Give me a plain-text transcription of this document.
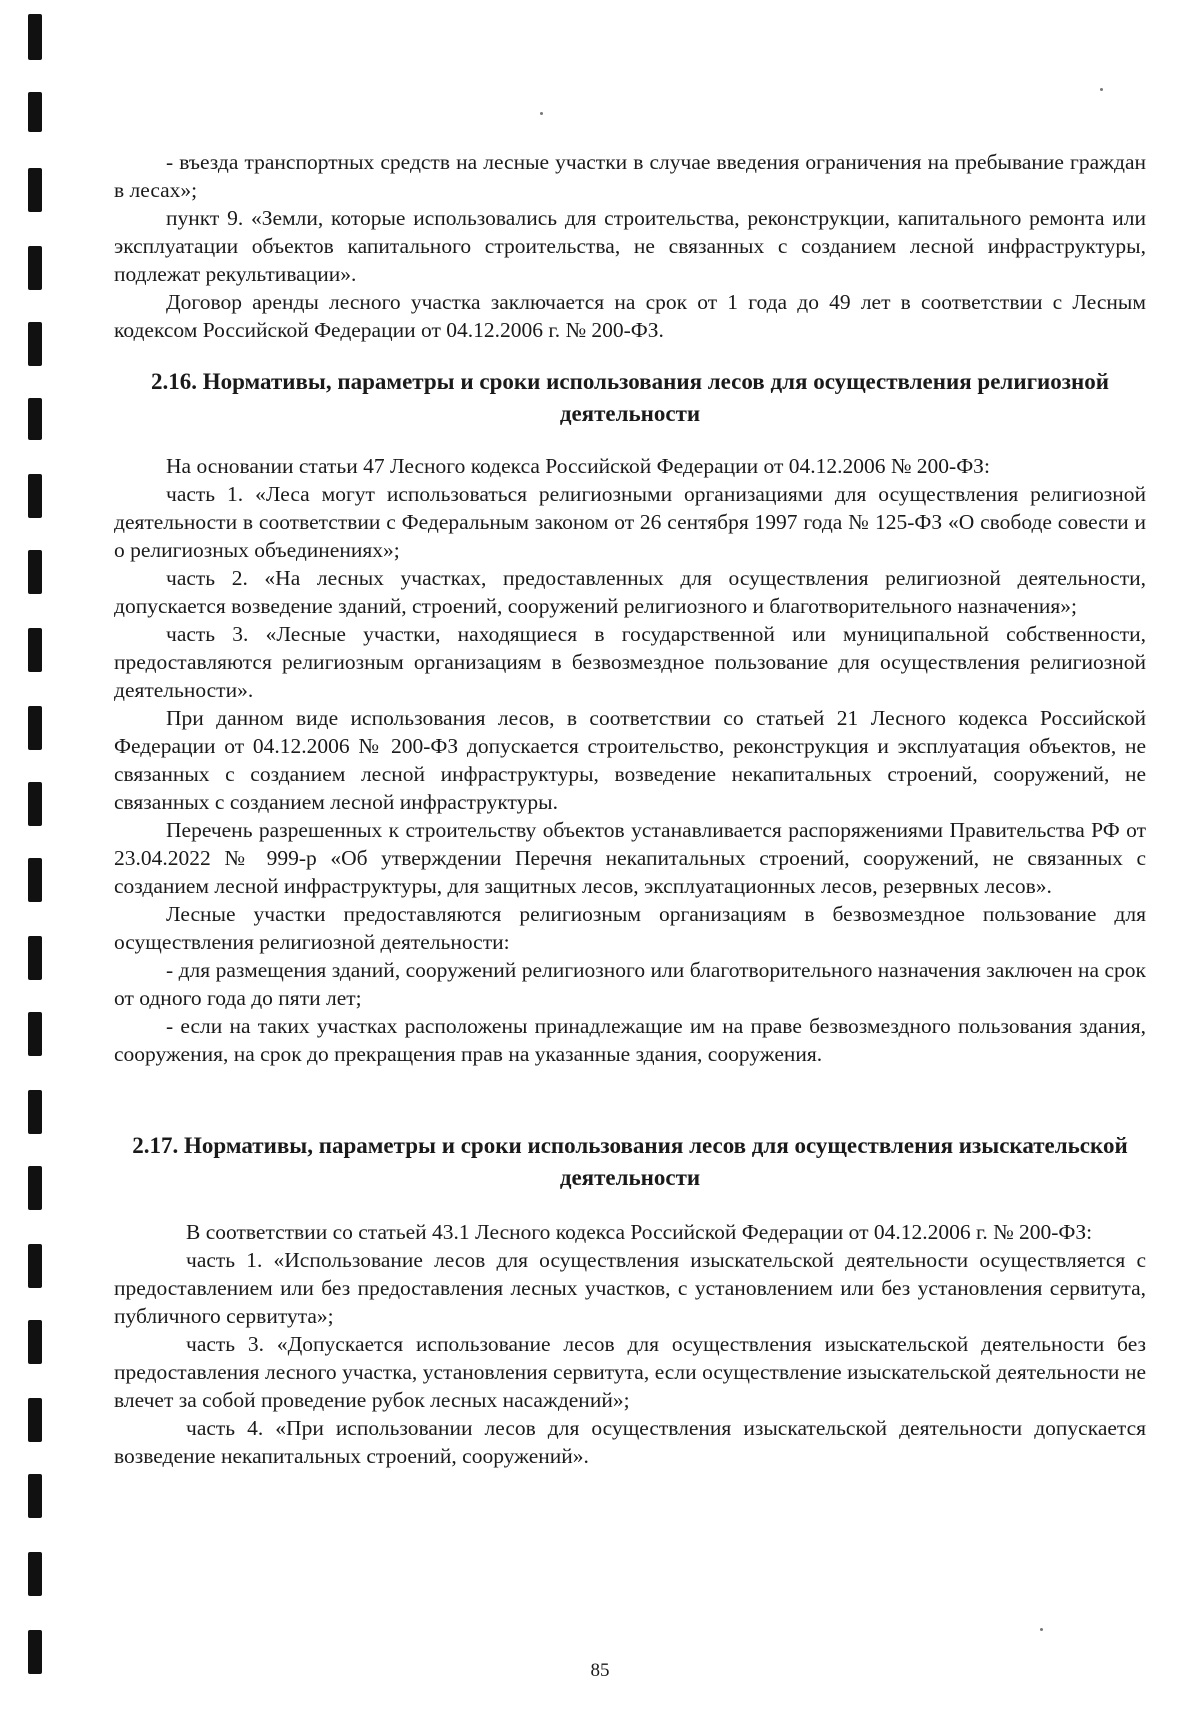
- въезда транспортных средств на лесные участки в случае введения ограничения на пребывание граждан в лесах»;

пункт 9. «Земли, которые использовались для строительства, реконструкции, капитального ремонта или эксплуатации объектов капитального строительства, не связанных с созданием лесной инфраструктуры, подлежат рекультивации».

Договор аренды лесного участка заключается на срок от 1 года до 49 лет в соответствии с Лесным кодексом Российской Федерации от 04.12.2006 г. № 200-ФЗ.

2.16. Нормативы, параметры и сроки использования лесов для осуществления религиозной деятельности

На основании статьи 47 Лесного кодекса Российской Федерации от 04.12.2006 № 200-ФЗ:

часть 1. «Леса могут использоваться религиозными организациями для осуществления религиозной деятельности в соответствии с Федеральным законом от 26 сентября 1997 года № 125-ФЗ «О свободе совести и о религиозных объединениях»;

часть 2. «На лесных участках, предоставленных для осуществления религиозной деятельности, допускается возведение зданий, строений, сооружений религиозного и благотворительного назначения»;

часть 3. «Лесные участки, находящиеся в государственной или муниципальной собственности, предоставляются религиозным организациям в безвозмездное пользование для осуществления религиозной деятельности».

При данном виде использования лесов, в соответствии со статьей 21 Лесного кодекса Российской Федерации от 04.12.2006 № 200-ФЗ допускается строительство, реконструкция и эксплуатация объектов, не связанных с созданием лесной инфраструктуры, возведение некапитальных строений, сооружений, не связанных с созданием лесной инфраструктуры.

Перечень разрешенных к строительству объектов устанавливается распоряжениями Правительства РФ от 23.04.2022 № 999-р «Об утверждении Перечня некапитальных строений, сооружений, не связанных с созданием лесной инфраструктуры, для защитных лесов, эксплуатационных лесов, резервных лесов».

Лесные участки предоставляются религиозным организациям в безвозмездное пользование для осуществления религиозной деятельности:

- для размещения зданий, сооружений религиозного или благотворительного назначения заключен на срок от одного года до пяти лет;

- если на таких участках расположены принадлежащие им на праве безвозмездного пользования здания, сооружения, на срок до прекращения прав на указанные здания, сооружения.

2.17. Нормативы, параметры и сроки использования лесов для осуществления изыскательской деятельности

В соответствии со статьей 43.1 Лесного кодекса Российской Федерации от 04.12.2006 г. № 200-ФЗ:

часть 1. «Использование лесов для осуществления изыскательской деятельности осуществляется с предоставлением или без предоставления лесных участков, с установлением или без установления сервитута, публичного сервитута»;

часть 3. «Допускается использование лесов для осуществления изыскательской деятельности без предоставления лесного участка, установления сервитута, если осуществление изыскательской деятельности не влечет за собой проведение рубок лесных насаждений»;

часть 4. «При использовании лесов для осуществления изыскательской деятельности допускается возведение некапитальных строений, сооружений».

85
